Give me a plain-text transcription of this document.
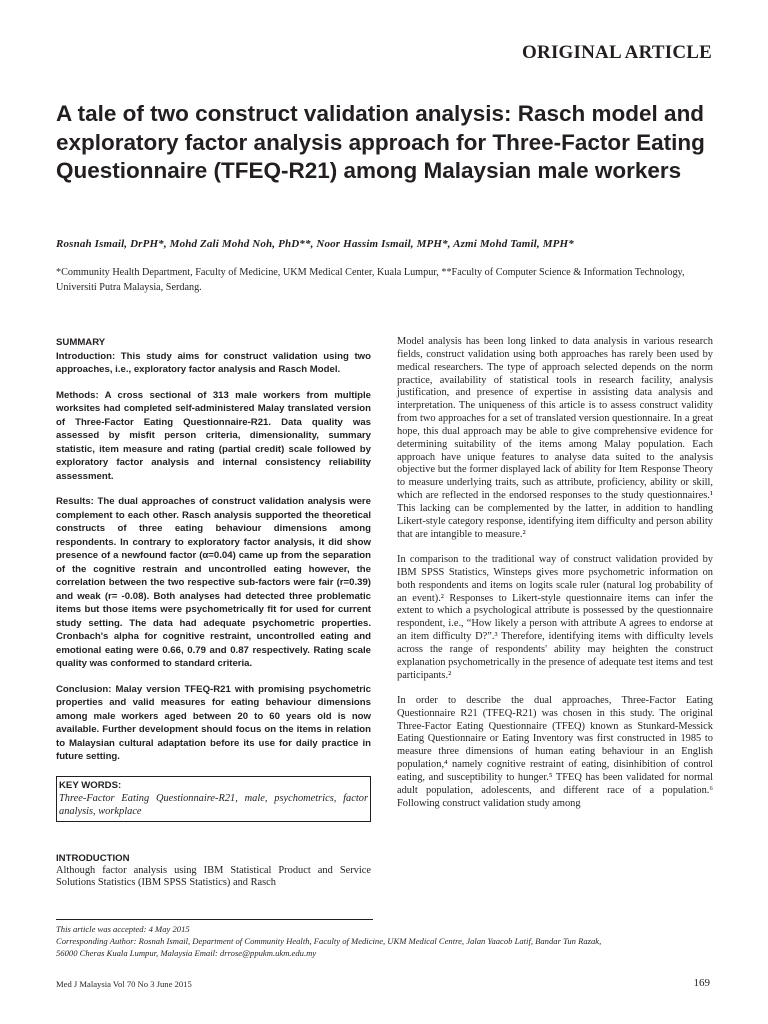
ORIGINAL ARTICLE
A tale of two construct validation analysis: Rasch model and exploratory factor analysis approach for Three-Factor Eating Questionnaire (TFEQ-R21) among Malaysian male workers
Rosnah Ismail, DrPH*, Mohd Zali Mohd Noh, PhD**, Noor Hassim Ismail, MPH*, Azmi Mohd Tamil, MPH*
*Community Health Department, Faculty of Medicine, UKM Medical Center, Kuala Lumpur, **Faculty of Computer Science & Information Technology, Universiti Putra Malaysia, Serdang.

SUMMARY

Introduction: This study aims for construct validation using two approaches, i.e., exploratory factor analysis and Rasch Model.

Methods: A cross sectional of 313 male workers from multiple worksites had completed self-administered Malay translated version of Three-Factor Eating Questionnaire-R21. Data quality was assessed by misfit person criteria, dimensionality, summary statistic, item measure and rating (partial credit) scale followed by exploratory factor analysis and internal consistency reliability assessment.

Results: The dual approaches of construct validation analysis were complement to each other. Rasch analysis supported the theoretical constructs of three eating behaviour dimensions among respondents. In contrary to exploratory factor analysis, it did show presence of a newfound factor (α=0.04) came up from the separation of the cognitive restrain and uncontrolled eating however, the correlation between the two respective sub-factors were fair (r=0.39) and weak (r= -0.08). Both analyses had detected three problematic items but those items were psychometrically fit for used for current study setting. The data had adequate psychometric properties. Cronbach's alpha for cognitive restraint, uncontrolled eating and emotional eating were 0.66, 0.79 and 0.87 respectively. Rating scale quality was conformed to standard criteria.

Conclusion: Malay version TFEQ-R21 with promising psychometric properties and valid measures for eating behaviour dimensions among male workers aged between 20 to 60 years old is now available. Further development should focus on the items in relation to Malaysian cultural adaptation before its use for daily practice in future setting.

KEY WORDS:

Three-Factor Eating Questionnaire-R21, male, psychometrics, factor analysis, workplace

INTRODUCTION

Although factor analysis using IBM Statistical Product and Service Solutions Statistics (IBM SPSS Statistics) and Rasch

Model analysis has been long linked to data analysis in various research fields, construct validation using both approaches has rarely been used by medical researchers. The type of approach selected depends on the norm practice, availability of statistical tools in research facility, analysis justification, and presence of expertise in assisting data analysis and interpretation. The uniqueness of this article is to assess construct validity from two approaches for a set of translated version questionnaire. In a great hope, this dual approach may be able to give comprehensive evidence for determining suitability of the items among Malay population. Each approach have unique features to analyse data suited to the analysis objective but the former displayed lack of ability for Item Response Theory to measure underlying traits, such as attribute, proficiency, ability or skill, which are reflected in the endorsed responses to the study questionnaires.¹ This lacking can be complemented by the latter, in addition to handling Likert-style category response, identifying item difficulty and person ability that are intangible to measure.²

In comparison to the traditional way of construct validation provided by IBM SPSS Statistics, Winsteps gives more psychometric information on both respondents and items on logits scale ruler (natural log probability of an event).² Responses to Likert-style questionnaire items can infer the extent to which a psychological attribute is possessed by the questionnaire respondent, i.e., “How likely a person with attribute A agrees to endorse at an item difficulty D?”.³ Therefore, identifying items with difficulty levels across the range of respondents' ability may heighten the construct explanation psychometrically in the presence of adequate test items and test participants.²

In order to describe the dual approaches, Three-Factor Eating Questionnaire R21 (TFEQ-R21) was chosen in this study. The original Three-Factor Eating Questionnaire (TFEQ) known as Stunkard-Messick Eating Questionnaire or Eating Inventory was first constructed in 1985 to measure three dimensions of human eating behaviour in an English population,⁴ namely cognitive restraint of eating, disinhibition of control eating, and susceptibility to hunger.⁵ TFEQ has been validated for normal adult population, adolescents, and different race of a population.⁶ Following construct validation study among

This article was accepted: 4 May 2015
Corresponding Author: Rosnah Ismail, Department of Community Health, Faculty of Medicine, UKM Medical Centre, Jalan Yaacob Latif, Bandar Tun Razak,
56000 Cheras Kuala Lumpur, Malaysia Email: drrose@ppukm.ukm.edu.my
Med J Malaysia Vol 70 No 3 June 2015	169
